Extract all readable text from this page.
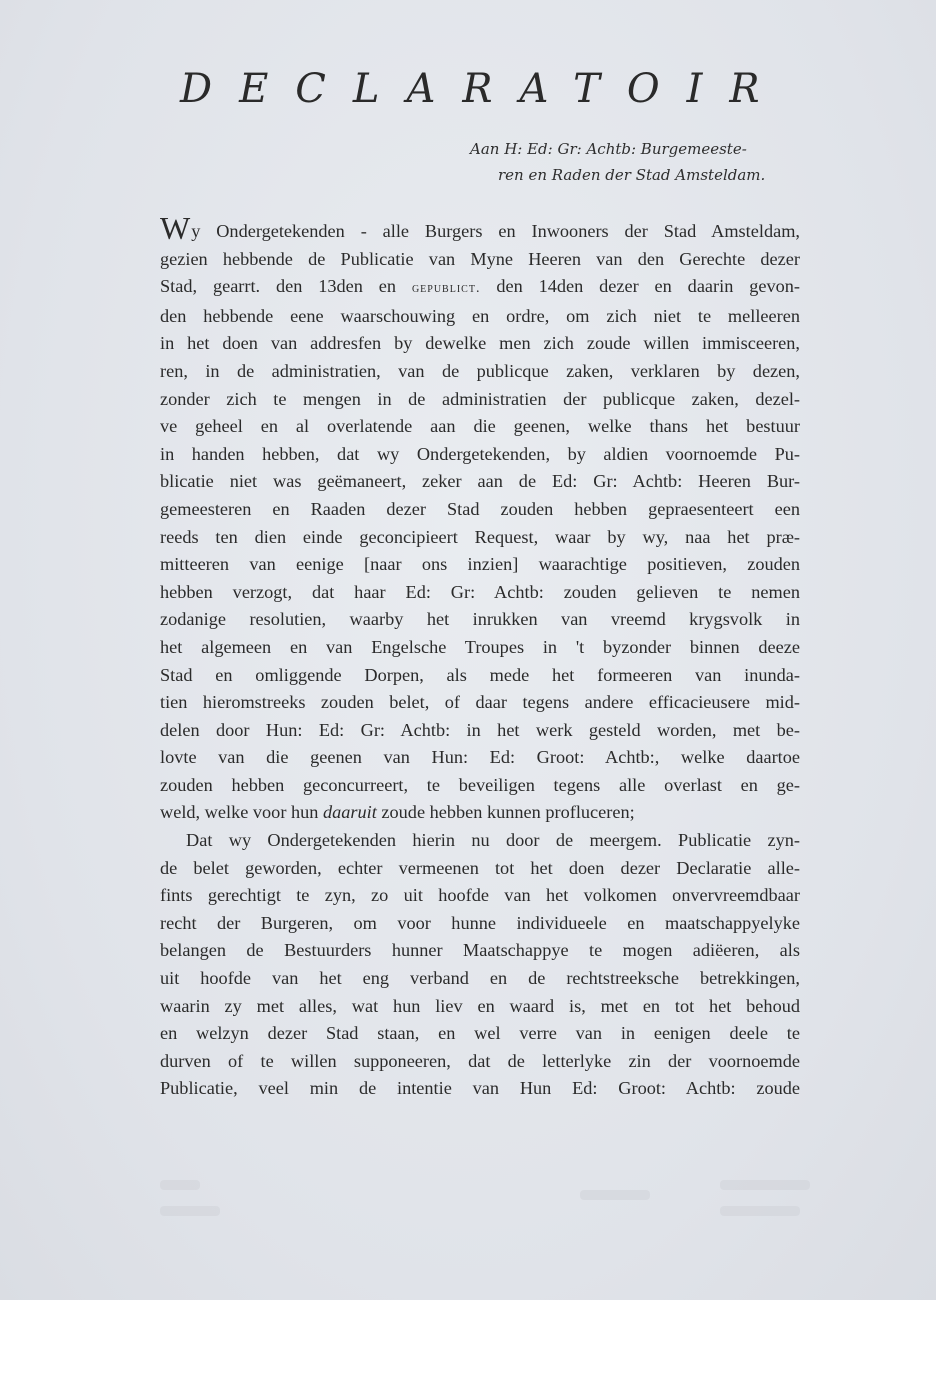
DECLARATOIR
Aan H: Ed: Gr: Achtb: Burgemeeste-
ren en Raden der Stad Amsteldam.
Wy Ondergetekenden - alle Burgers en Inwooners der Stad Amsteldam,
gezien hebbende de Publicatie van Myne Heeren van den Gerechte dezer
Stad, gearrt. den 13den en gepublict. den 14den dezer en daarin gevon-
den hebbende eene waarschouwing en ordre, om zich niet te melleeren
in het doen van addresfen by dewelke men zich zoude willen immisceeren,
ren, in de administratien, van de publicque zaken, verklaren by dezen,
zonder zich te mengen in de administratien der publicque zaken, dezel-
ve geheel en al overlatende aan die geenen, welke thans het bestuur
in handen hebben, dat wy Ondergetekenden, by aldien voornoemde Pu-
blicatie niet was geëmaneert, zeker aan de Ed: Gr: Achtb: Heeren Bur-
gemeesteren en Raaden dezer Stad zouden hebben gepraesenteert een
reeds ten dien einde geconcipieert Request, waar by wy, naa het præ-
mitteeren van eenige [naar ons inzien] waarachtige positieven, zouden
hebben verzogt, dat haar Ed: Gr: Achtb: zouden gelieven te nemen
zodanige resolutien, waarby het inrukken van vreemd krygsvolk in
het algemeen en van Engelsche Troupes in 't byzonder binnen deeze
Stad en omliggende Dorpen, als mede het formeeren van inunda-
tien hieromstreeks zouden belet, of daar tegens andere efficacieusere mid-
delen door Hun: Ed: Gr: Achtb: in het werk gesteld worden, met be-
lovte van die geenen van Hun: Ed: Groot: Achtb:, welke daartoe
zouden hebben geconcurreert, te beveiligen tegens alle overlast en ge-
weld, welke voor hun daaruit zoude hebben kunnen profluceren;
Dat wy Ondergetekenden hierin nu door de meergem. Publicatie zyn-
de belet geworden, echter vermeenen tot het doen dezer Declaratie alle-
fints gerechtigt te zyn, zo uit hoofde van het volkomen onvervreemdbaar
recht der Burgeren, om voor hunne individueele en maatschappyelyke
belangen de Bestuurders hunner Maatschappye te mogen adiëeren, als
uit hoofde van het eng verband en de rechtstreeksche betrekkingen,
waarin zy met alles, wat hun liev en waard is, met en tot het behoud
en welzyn dezer Stad staan, en wel verre van in eenigen deele te
durven of te willen supponeeren, dat de letterlyke zin der voornoemde
Publicatie, veel min de intentie van Hun Ed: Groot: Achtb: zoude
